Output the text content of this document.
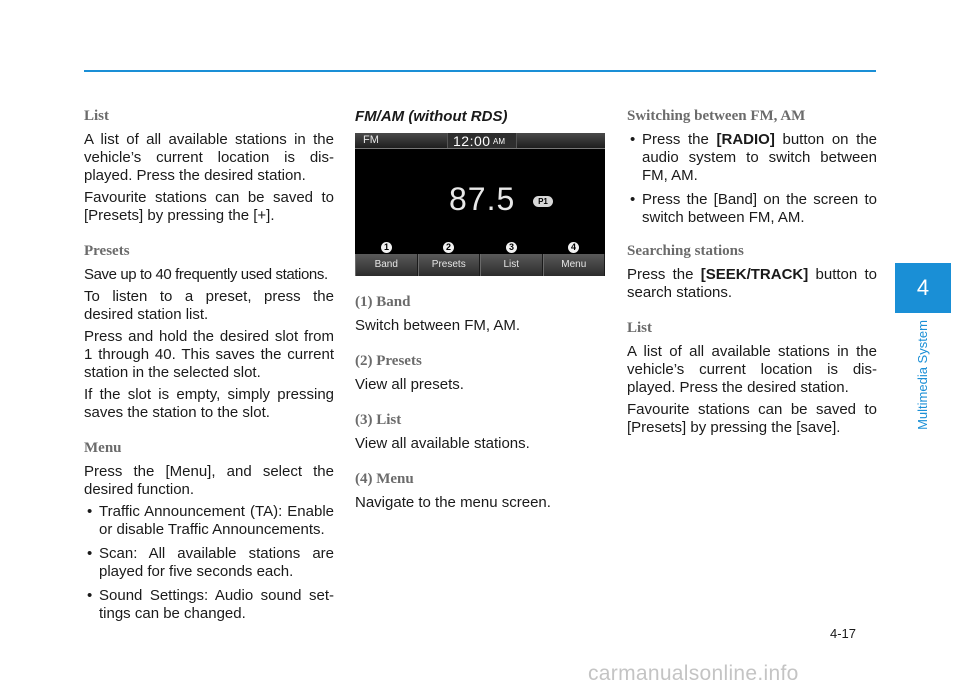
List

A list of all available stations in the vehicle’s current location is dis-played. Press the desired station.

Favourite stations can be saved to [Presets] by pressing the [+].

Presets

Save up to 40 frequently used stations.

To listen to a preset, press the desired station list.

Press and hold the desired slot from 1 through 40. This saves the current station in the selected slot.

If the slot is empty, simply pressing saves the station to the slot.

Menu

Press the [Menu], and select the desired function.

• Traffic Announcement (TA): Enable or disable Traffic Announcements.
• Scan: All available stations are played for five seconds each.
• Sound Settings: Audio sound set-tings can be changed.
FM/AM (without RDS)
FM	12:00 AM
87.5	P1
1	2	3	4
Band	Presets	List	Menu
(1) Band

Switch between FM, AM.

(2) Presets

View all presets.

(3) List

View all available stations.

(4) Menu

Navigate to the menu screen.

Switching between FM, AM
• Press the [RADIO] button on the audio system to switch between FM, AM.
• Press the [Band] on the screen to switch between FM, AM.
Searching stations

Press the [SEEK/TRACK] button to search stations.

List

A list of all available stations in the vehicle’s current location is dis-played. Press the desired station.

Favourite stations can be saved to [Presets] by pressing the [save].

4
Multimedia System
4-17
carmanualsonline.info
